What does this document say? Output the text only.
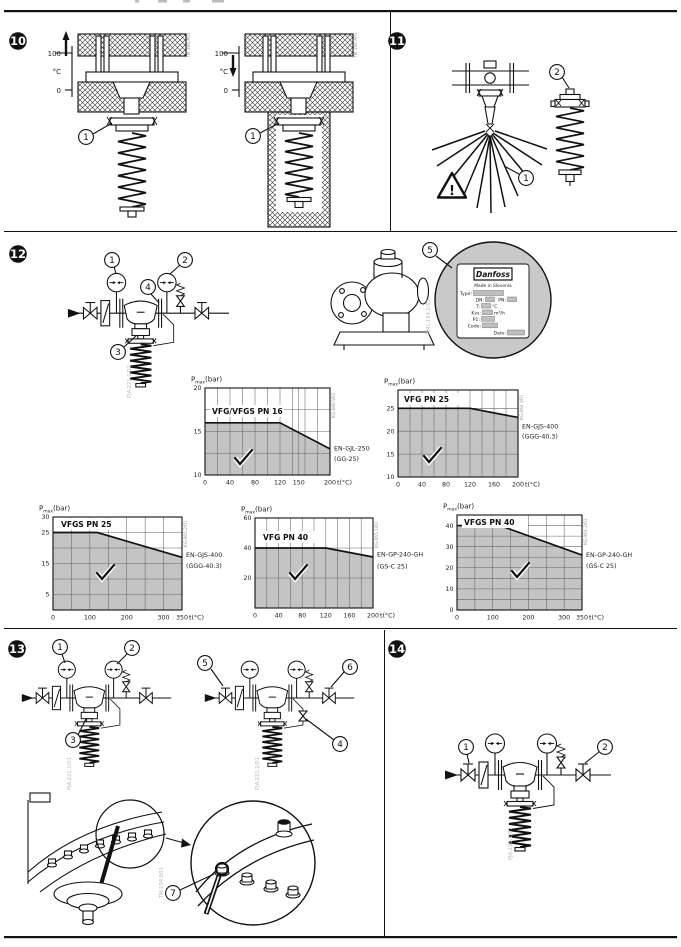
10
100
°C
0
1
TM.194.A01	100
°C
0
1
TM.194.A01	11
!
1
2
12
PJA.221.1/01
1	2
4
3
P.ML.194.2/01
Danfoss
Made in Slovenia
Type:
DN:	PN:
T:	°C
Kvs:	m³/h
P1:
Code:
Date:
5
0	40	80 120 150	200
10
15
20
t(°C)
$P_{max}(bar)$
VFG/VFGS PN 16
EN-GJL-250
(GG-25)
KG.060.V01
0	40	80 120 160 200
10
15
20
25
t(°C)
$P_{max}(bar)$
VFG PN 25
EN-GJS-400
(GGG-40.3)
KG.064.V01
0	100	200	300 350
5
15
25
30
t(°C)
$P_{max}(bar)$
VFGS PN 25
EN-GJS-400
(GGG-40.3)
KG.065.2/01
0	40 80 120 160 200
20
40
60
t(°C)
$P_{max}(bar)$
VFG PN 40
EN-GP-240-GH
(GS-C 25)
KG.065.1/01
0	100	200	300 350
0
10
20
30
40
t(°C)
$P_{max}(bar)$
VFGS PN 40
EN-GP-240-GH
(GS-C 25)
KG.064.2/01
13
PJA.221.1/01
1	2
3
PJA.221.2/01
5	6
4
TM.194.B01 7
14
PJA.221.1/01
1	2
